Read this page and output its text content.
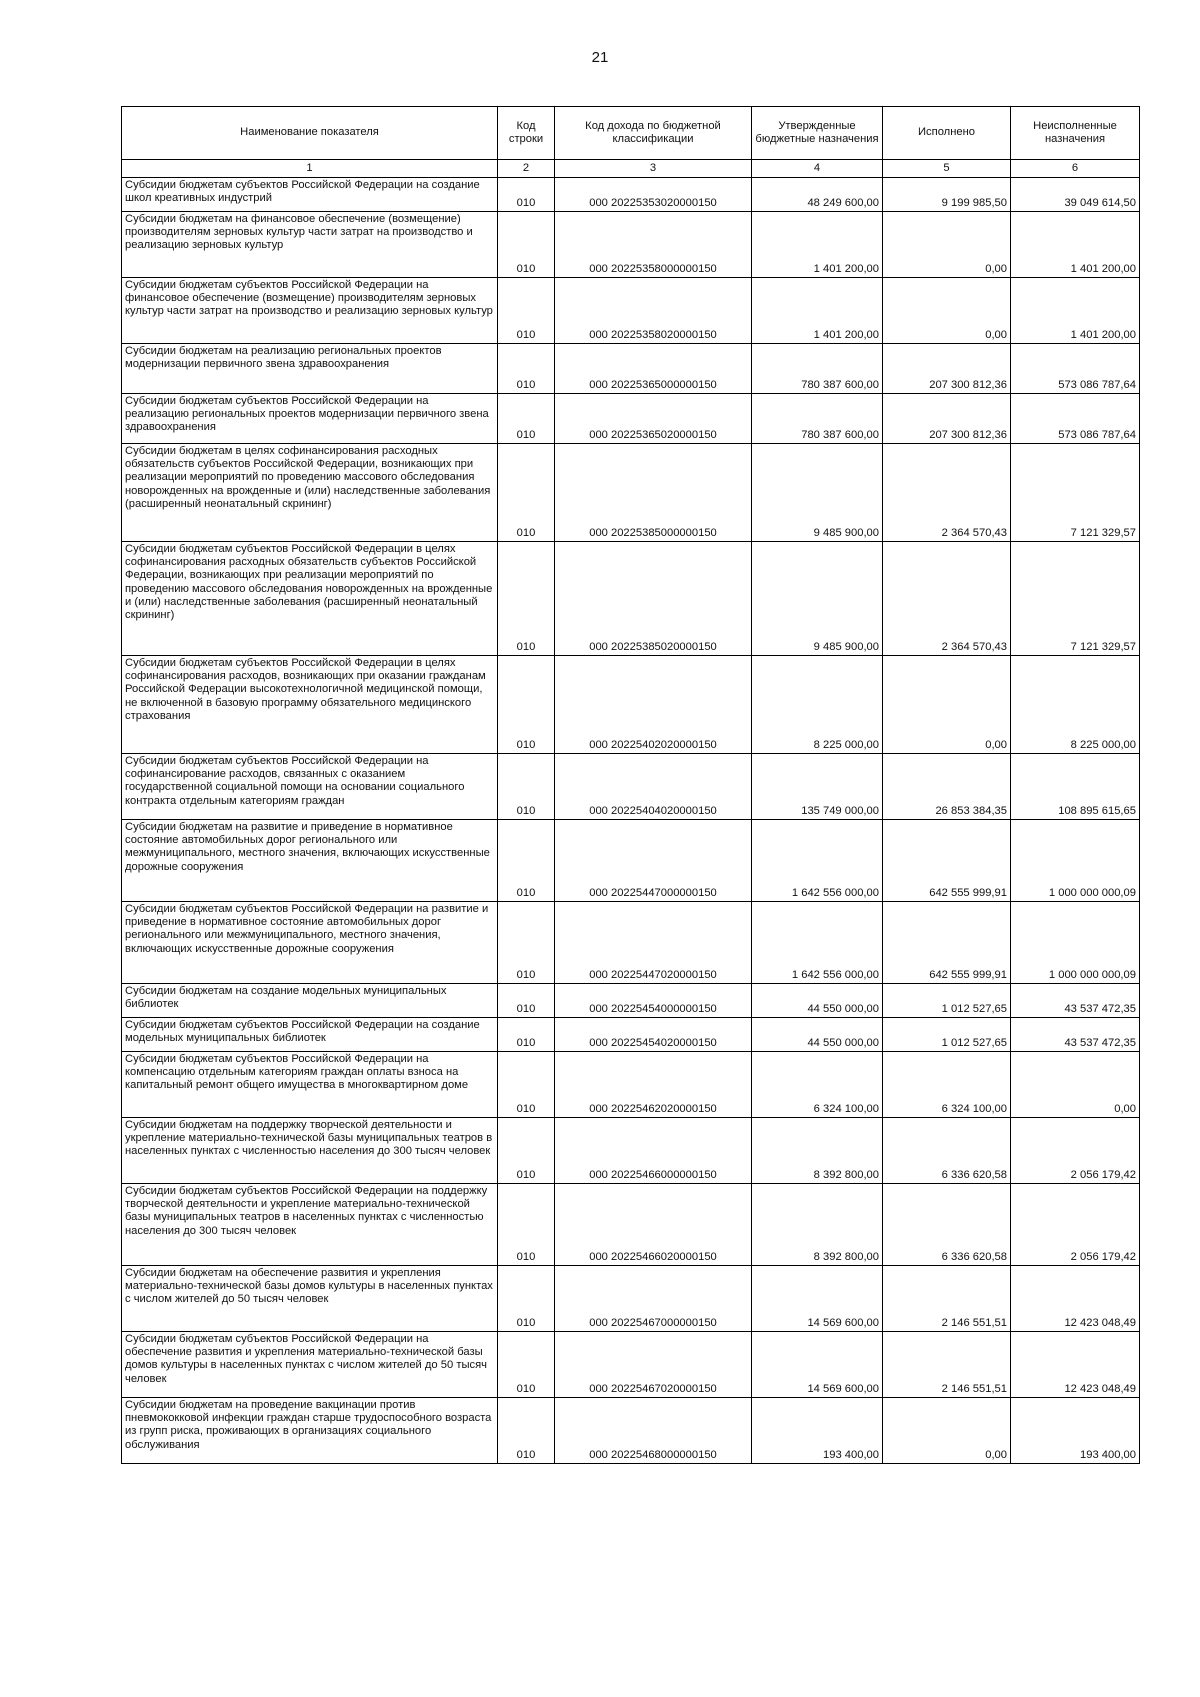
21
Наименование показателя	Код строки	Код дохода по бюджетной классификации	Утвержденные бюджетные назначения	Исполнено	Неисполненные назначения
1	2	3	4	5	6
Субсидии бюджетам субъектов Российской Федерации на создание школ креативных индустрий	010	000 20225353020000150	48 249 600,00	9 199 985,50	39 049 614,50
Субсидии бюджетам на финансовое обеспечение (возмещение) производителям зерновых культур части затрат на производство и реализацию зерновых культур	010	000 20225358000000150	1 401 200,00	0,00	1 401 200,00
Субсидии бюджетам субъектов Российской Федерации на финансовое обеспечение (возмещение) производителям зерновых культур части затрат на производство и реализацию зерновых культур	010	000 20225358020000150	1 401 200,00	0,00	1 401 200,00
Субсидии бюджетам на реализацию региональных проектов модернизации первичного звена здравоохранения	010	000 20225365000000150	780 387 600,00	207 300 812,36	573 086 787,64
Субсидии бюджетам субъектов Российской Федерации на реализацию региональных проектов модернизации первичного звена здравоохранения	010	000 20225365020000150	780 387 600,00	207 300 812,36	573 086 787,64
Субсидии бюджетам в целях софинансирования расходных обязательств субъектов Российской Федерации, возникающих при реализации мероприятий по проведению массового обследования новорожденных на врожденные и (или) наследственные заболевания (расширенный неонатальный скрининг)	010	000 20225385000000150	9 485 900,00	2 364 570,43	7 121 329,57
Субсидии бюджетам субъектов Российской Федерации в целях софинансирования расходных обязательств субъектов Российской Федерации, возникающих при реализации мероприятий по проведению массового обследования новорожденных на врожденные и (или) наследственные заболевания (расширенный неонатальный скрининг)	010	000 20225385020000150	9 485 900,00	2 364 570,43	7 121 329,57
Субсидии бюджетам субъектов Российской Федерации в целях софинансирования расходов, возникающих при оказании гражданам Российской Федерации высокотехнологичной медицинской помощи, не включенной в базовую программу обязательного медицинского страхования	010	000 20225402020000150	8 225 000,00	0,00	8 225 000,00
Субсидии бюджетам субъектов Российской Федерации на софинансирование расходов, связанных с оказанием государственной социальной помощи на основании социального контракта отдельным категориям граждан	010	000 20225404020000150	135 749 000,00	26 853 384,35	108 895 615,65
Субсидии бюджетам на развитие и приведение в нормативное состояние автомобильных дорог регионального или межмуниципального, местного значения, включающих искусственные дорожные сооружения	010	000 20225447000000150	1 642 556 000,00	642 555 999,91	1 000 000 000,09
Субсидии бюджетам субъектов Российской Федерации на развитие и приведение в нормативное состояние автомобильных дорог регионального или межмуниципального, местного значения, включающих искусственные дорожные сооружения	010	000 20225447020000150	1 642 556 000,00	642 555 999,91	1 000 000 000,09
Субсидии бюджетам на создание модельных муниципальных библиотек	010	000 20225454000000150	44 550 000,00	1 012 527,65	43 537 472,35
Субсидии бюджетам субъектов Российской Федерации на создание модельных муниципальных библиотек	010	000 20225454020000150	44 550 000,00	1 012 527,65	43 537 472,35
Субсидии бюджетам субъектов Российской Федерации на компенсацию отдельным категориям граждан оплаты взноса на капитальный ремонт общего имущества в многоквартирном доме	010	000 20225462020000150	6 324 100,00	6 324 100,00	0,00
Субсидии бюджетам на поддержку творческой деятельности и укрепление материально-технической базы муниципальных театров в населенных пунктах с численностью населения до 300 тысяч человек	010	000 20225466000000150	8 392 800,00	6 336 620,58	2 056 179,42
Субсидии бюджетам субъектов Российской Федерации на поддержку творческой деятельности и укрепление материально-технической базы муниципальных театров в населенных пунктах с численностью населения до 300 тысяч человек	010	000 20225466020000150	8 392 800,00	6 336 620,58	2 056 179,42
Субсидии бюджетам на обеспечение развития и укрепления материально-технической базы домов культуры в населенных пунктах с числом жителей до 50 тысяч человек	010	000 20225467000000150	14 569 600,00	2 146 551,51	12 423 048,49
Субсидии бюджетам субъектов Российской Федерации на обеспечение развития и укрепления материально-технической базы домов культуры в населенных пунктах с числом жителей до 50 тысяч человек	010	000 20225467020000150	14 569 600,00	2 146 551,51	12 423 048,49
Субсидии бюджетам на проведение вакцинации против пневмококковой инфекции граждан старше трудоспособного возраста из групп риска, проживающих в организациях социального обслуживания	010	000 20225468000000150	193 400,00	0,00	193 400,00
